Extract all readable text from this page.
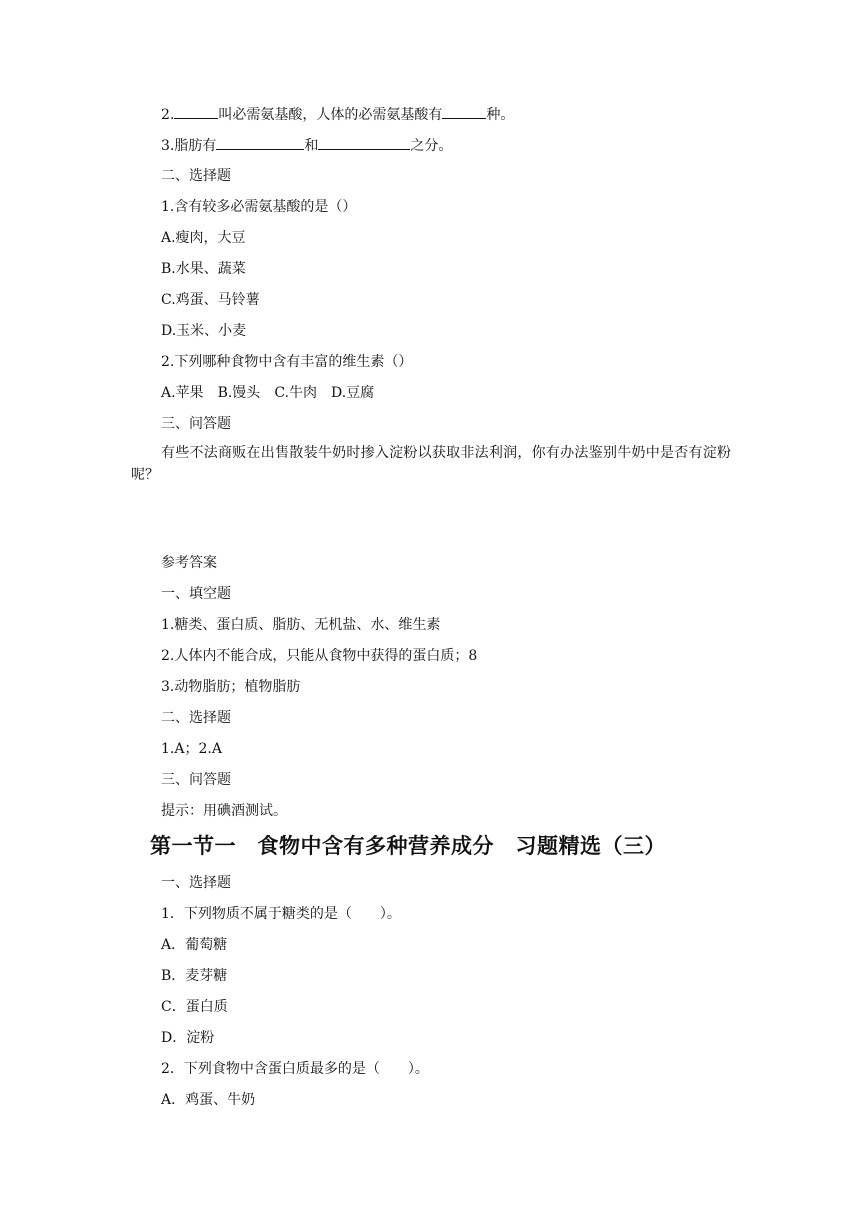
2.	叫必需氨基酸，人体的必需氨基酸有	种。
3.脂肪有	和	之分。
二、选择题
1.含有较多必需氨基酸的是（）
A.瘦肉，大豆
B.水果、蔬菜
C.鸡蛋、马铃薯
D.玉米、小麦
2.下列哪种食物中含有丰富的维生素（）
A.苹果 B.馒头 C.牛肉 D.豆腐
三、问答题
有些不法商贩在出售散装牛奶时掺入淀粉以获取非法利润，你有办法鉴别牛奶中是否有淀粉呢？
参考答案
一、填空题
1.糖类、蛋白质、脂肪、无机盐、水、维生素
2.人体内不能合成，只能从食物中获得的蛋白质；8
3.动物脂肪；植物脂肪
二、选择题
1.A；2.A
三、问答题
提示：用碘酒测试。
第一节一　食物中含有多种营养成分　习题精选（三）
一、选择题
1．下列物质不属于糖类的是（　　）。
A．葡萄糖
B．麦芽糖
C．蛋白质
D．淀粉
2．下列食物中含蛋白质最多的是（　　）。
A．鸡蛋、牛奶
